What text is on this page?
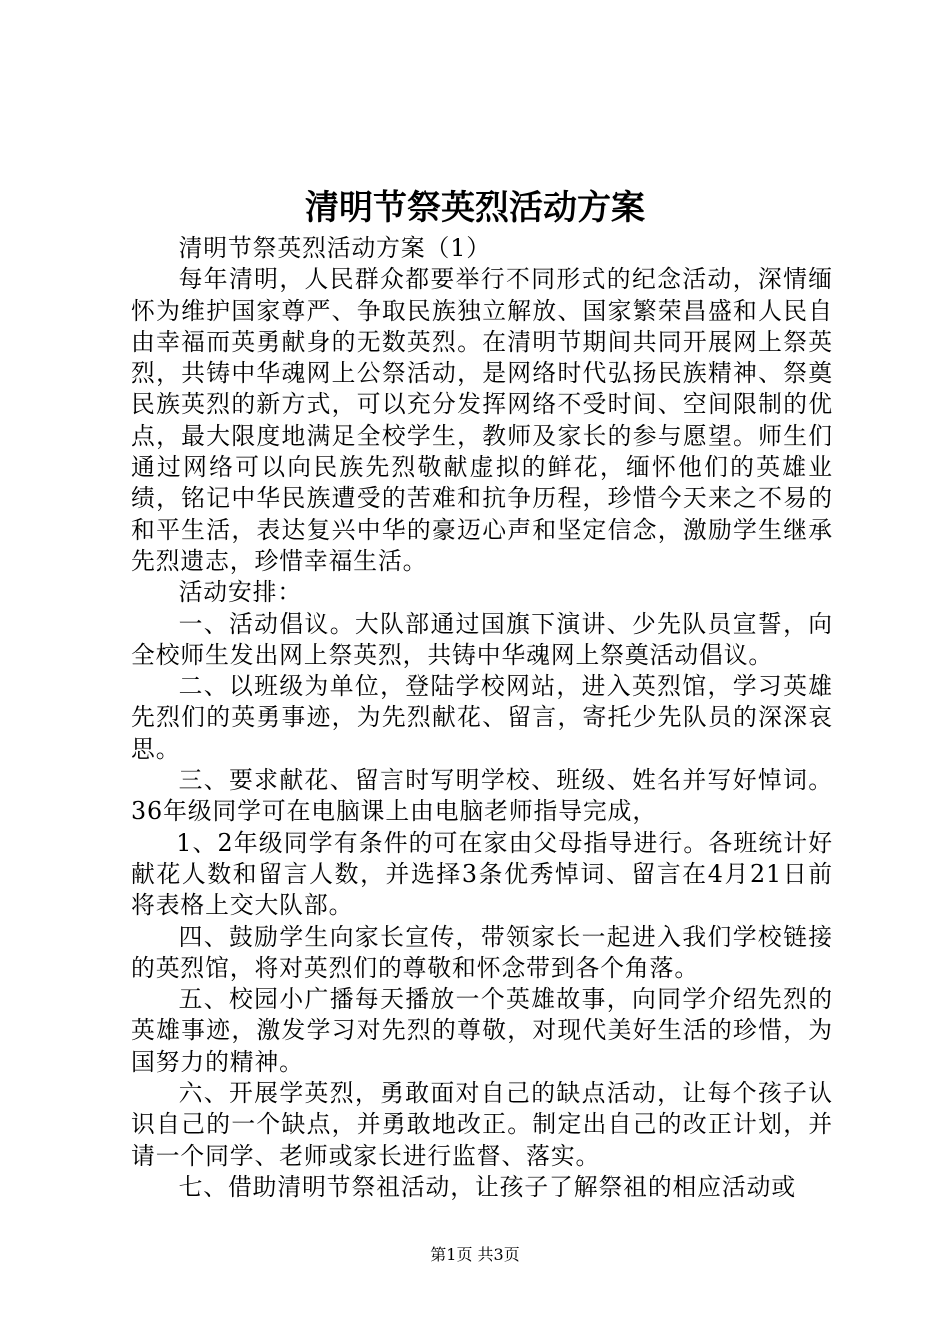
清明节祭英烈活动方案

清明节祭英烈活动方案（1）

每年清明，人民群众都要举行不同形式的纪念活动，深情缅怀为维护国家尊严、争取民族独立解放、国家繁荣昌盛和人民自由幸福而英勇献身的无数英烈。在清明节期间共同开展网上祭英烈，共铸中华魂网上公祭活动，是网络时代弘扬民族精神、祭奠民族英烈的新方式，可以充分发挥网络不受时间、空间限制的优点，最大限度地满足全校学生，教师及家长的参与愿望。师生们通过网络可以向民族先烈敬献虚拟的鲜花，缅怀他们的英雄业绩，铭记中华民族遭受的苦难和抗争历程，珍惜今天来之不易的和平生活，表达复兴中华的豪迈心声和坚定信念，激励学生继承先烈遗志，珍惜幸福生活。

活动安排：

一、活动倡议。大队部通过国旗下演讲、少先队员宣誓，向全校师生发出网上祭英烈，共铸中华魂网上祭奠活动倡议。

二、以班级为单位，登陆学校网站，进入英烈馆，学习英雄先烈们的英勇事迹，为先烈献花、留言，寄托少先队员的深深哀思。

三、要求献花、留言时写明学校、班级、姓名并写好悼词。36年级同学可在电脑课上由电脑老师指导完成，

1、2年级同学有条件的可在家由父母指导进行。各班统计好献花人数和留言人数，并选择3条优秀悼词、留言在4月21日前将表格上交大队部。

四、鼓励学生向家长宣传，带领家长一起进入我们学校链接的英烈馆，将对英烈们的尊敬和怀念带到各个角落。

五、校园小广播每天播放一个英雄故事，向同学介绍先烈的英雄事迹，激发学习对先烈的尊敬，对现代美好生活的珍惜，为国努力的精神。

六、开展学英烈，勇敢面对自己的缺点活动，让每个孩子认识自己的一个缺点，并勇敢地改正。制定出自己的改正计划，并请一个同学、老师或家长进行监督、落实。

七、借助清明节祭祖活动，让孩子了解祭祖的相应活动或

第1页 共3页
